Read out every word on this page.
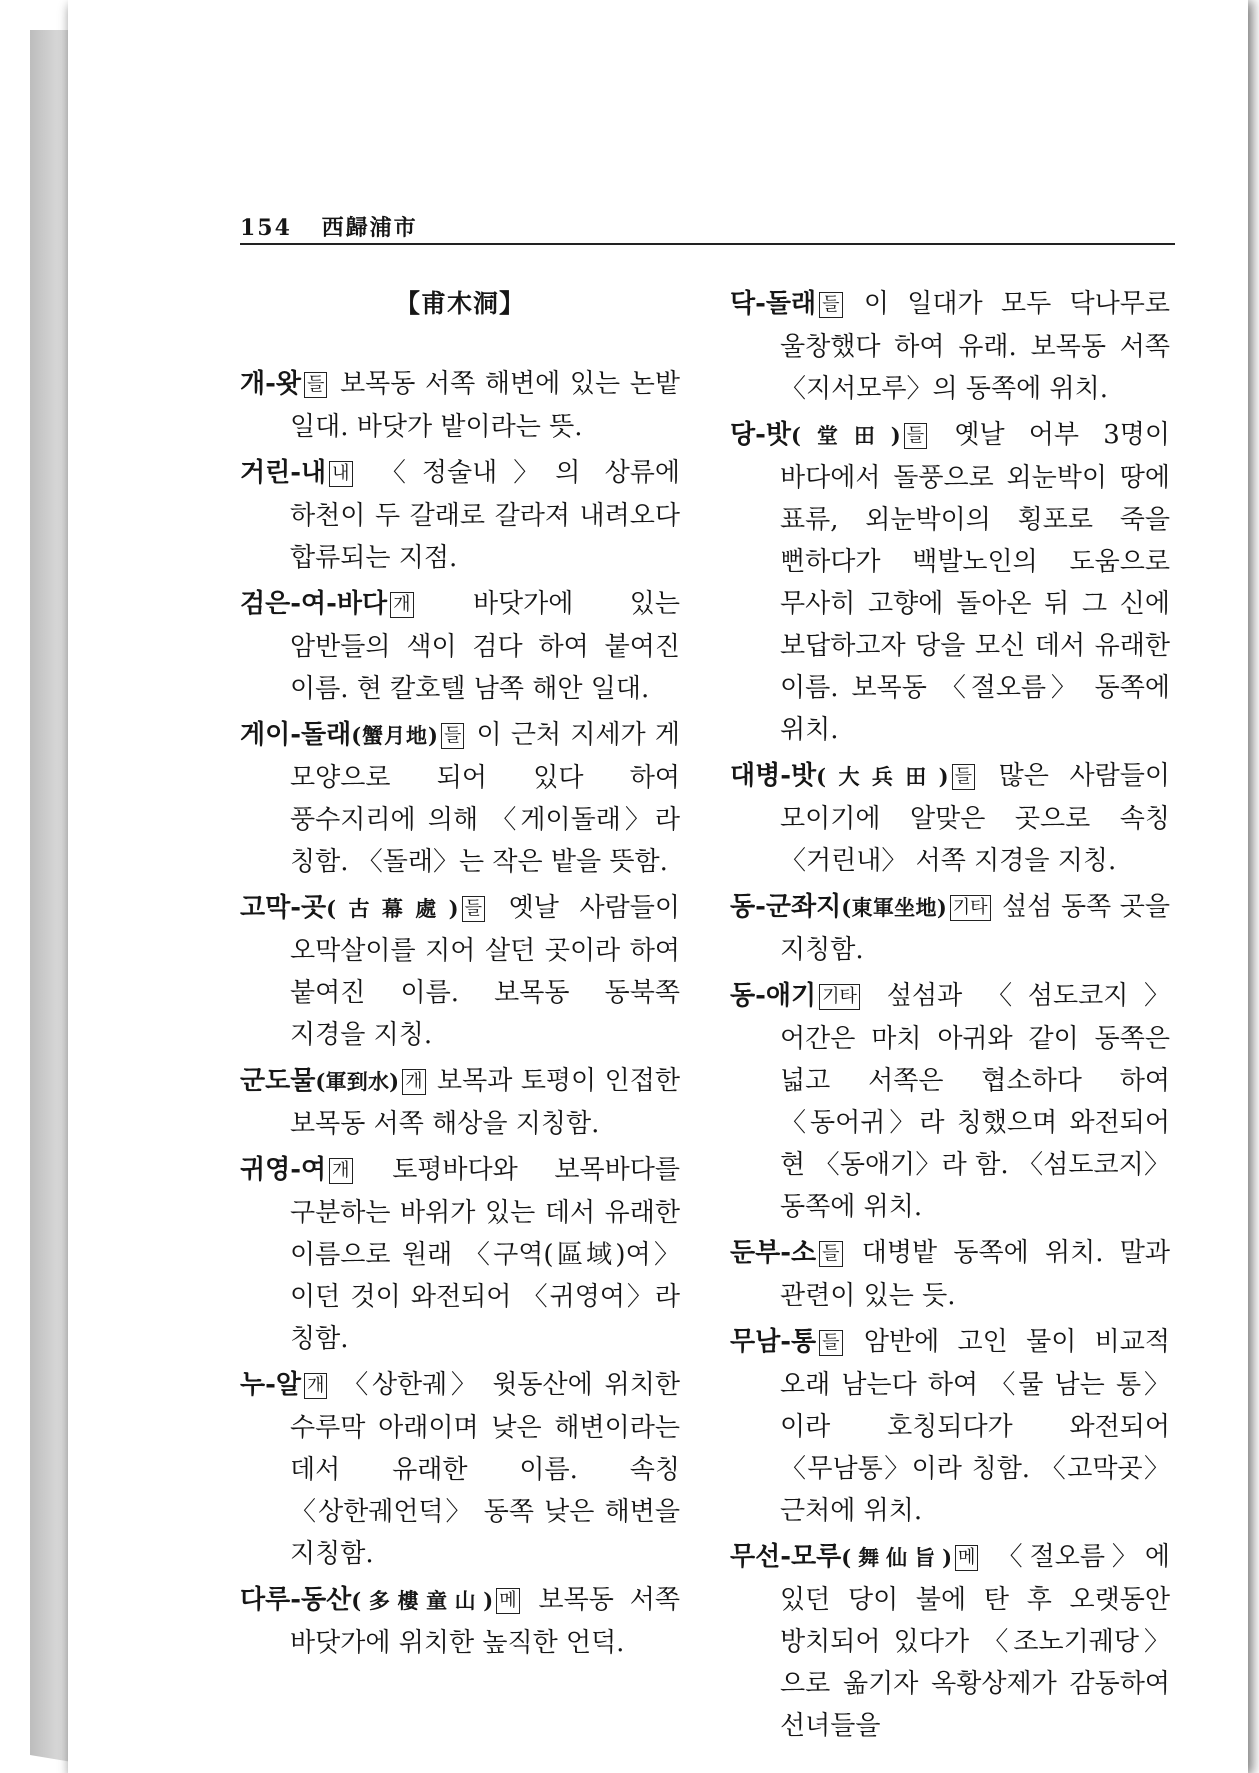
154 西歸浦市
【甫木洞】

개-왓 들 보목동 서쪽 해변에 있는 논밭 일대. 바닷가 밭이라는 뜻.

거린-내 내 〈정술내〉의 상류에 하천이 두 갈래로 갈라져 내려오다 합류되는 지점.

검은-여-바다 개 바닷가에 있는 암반들의 색이 검다 하여 붙여진 이름. 현 칼호텔 남쪽 해안 일대.

게이-돌래(蟹月地) 들 이 근처 지세가 게 모양으로 되어 있다 하여 풍수지리에 의해 〈게이돌래〉라 칭함. 〈돌래〉는 작은 밭을 뜻함.

고막-곳(古幕處) 들 옛날 사람들이 오막살이를 지어 살던 곳이라 하여 붙여진 이름. 보목동 동북쪽 지경을 지칭.

군도물(軍到水) 개 보목과 토평이 인접한 보목동 서쪽 해상을 지칭함.

귀영-여 개 토평바다와 보목바다를 구분하는 바위가 있는 데서 유래한 이름으로 원래 〈구역(區域)여〉이던 것이 와전되어 〈귀영여〉라 칭함.

누-알 개 〈상한궤〉 윗동산에 위치한 수루막 아래이며 낮은 해변이라는 데서 유래한 이름. 속칭 〈상한궤언덕〉 동쪽 낮은 해변을 지칭함.

다루-동산(多樓童山) 메 보목동 서쪽 바닷가에 위치한 높직한 언덕.

닥-돌래 들 이 일대가 모두 닥나무로 울창했다 하여 유래. 보목동 서쪽 〈지서모루〉의 동쪽에 위치.

당-밧(堂田) 들 옛날 어부 3명이 바다에서 돌풍으로 외눈박이 땅에 표류, 외눈박이의 횡포로 죽을 뻔하다가 백발노인의 도움으로 무사히 고향에 돌아온 뒤 그 신에 보답하고자 당을 모신 데서 유래한 이름. 보목동 〈절오름〉 동쪽에 위치.

대병-밧(大兵田) 들 많은 사람들이 모이기에 알맞은 곳으로 속칭 〈거린내〉 서쪽 지경을 지칭.

동-군좌지(東軍坐地) 기타 섶섬 동쪽 곳을 지칭함.

동-애기 기타 섶섬과 〈섬도코지〉 어간은 마치 아귀와 같이 동쪽은 넓고 서쪽은 협소하다 하여 〈동어귀〉라 칭했으며 와전되어 현 〈동애기〉라 함. 〈섬도코지〉 동쪽에 위치.

둔부-소 들 대병밭 동쪽에 위치. 말과 관련이 있는 듯.

무남-통 들 암반에 고인 물이 비교적 오래 남는다 하여 〈물 남는 통〉이라 호칭되다가 와전되어 〈무남통〉이라 칭함. 〈고막곳〉 근처에 위치.

무선-모루(舞仙旨) 메 〈절오름〉에 있던 당이 불에 탄 후 오랫동안 방치되어 있다가 〈조노기궤당〉으로 옮기자 옥황상제가 감동하여 선녀들을
